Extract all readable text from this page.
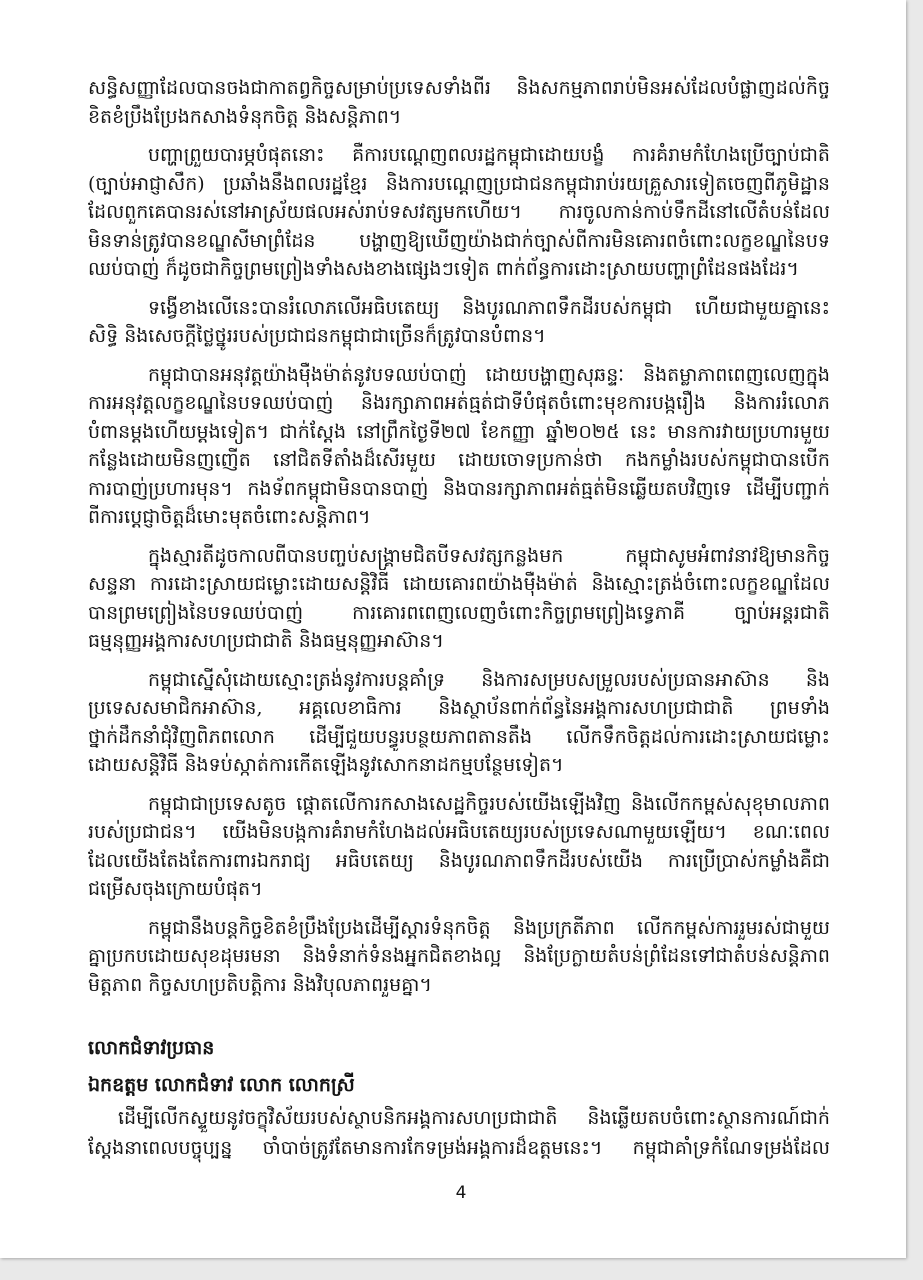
សន្ធិសញ្ញាដែលបានចងជាកាតព្វកិច្ចសម្រាប់ប្រទេសទាំងពីរ និងសកម្មភាពរាប់មិនអស់ដែលបំផ្លាញដល់កិច្ច
ខិតខំប្រឹងប្រែងកសាងទំនុកចិត្ត និងសន្តិភាព។
បញ្ហាព្រួយបារម្ភបំផុតនោះ គឺការបណ្តេញពលរដ្ឋកម្ពុជាដោយបង្ខំ ការគំរាមកំហែងប្រើច្បាប់ជាតិ
(ច្បាប់អាជ្ញាសឹក) ប្រឆាំងនឹងពលរដ្ឋខ្មែរ និងការបណ្តេញប្រជាជនកម្ពុជារាប់រយគ្រួសារទៀតចេញពីភូមិដ្ឋាន
ដែលពួកគេបានរស់នៅអាស្រ័យផលអស់រាប់ទសវត្សមកហើយ។ ការចូលកាន់កាប់ទឹកដីនៅលើតំបន់ដែល
មិនទាន់ត្រូវបានខណ្ឌសីមាព្រំដែន បង្ហាញឱ្យឃើញយ៉ាងជាក់ច្បាស់ពីការមិនគោរពចំពោះលក្ខខណ្ឌនៃបទ
ឈប់បាញ់ ក៏ដូចជាកិច្ចព្រមព្រៀងទាំងសងខាងផ្សេងៗទៀត ពាក់ព័ន្ធការដោះស្រាយបញ្ហាព្រំដែនផងដែរ។
ទង្វើខាងលើនេះបានរំលោភលើអធិបតេយ្យ និងបូរណភាពទឹកដីរបស់កម្ពុជា ហើយជាមួយគ្នានេះ
សិទ្ធិ និងសេចក្តីថ្លៃថ្នូររបស់ប្រជាជនកម្ពុជាជាច្រើនក៏ត្រូវបានបំពាន។
កម្ពុជាបានអនុវត្តយ៉ាងម៉ឺងម៉ាត់នូវបទឈប់បាញ់ ដោយបង្ហាញសុឆន្ទៈ និងតម្លាភាពពេញលេញក្នុង
ការអនុវត្តលក្ខខណ្ឌនៃបទឈប់បាញ់ និងរក្សាភាពអត់ធ្មត់ជាទីបំផុតចំពោះមុខការបង្ករឿង និងការរំលោភ
បំពានម្តងហើយម្តងទៀត។ ជាក់ស្តែង នៅព្រឹកថ្ងៃទី២៧ ខែកញ្ញា ឆ្នាំ២០២៥ នេះ មានការវាយប្រហារមួយ
កន្លែងដោយមិនញញើត នៅជិតទីតាំងដ៏សើរមួយ ដោយចោទប្រកាន់ថា កងកម្លាំងរបស់កម្ពុជាបានបើក
ការបាញ់ប្រហារមុន។ កងទ័ពកម្ពុជាមិនបានបាញ់ និងបានរក្សាភាពអត់ធ្មត់មិនឆ្លើយតបវិញទេ ដើម្បីបញ្ជាក់
ពីការប្តេជ្ញាចិត្តដ៏មោះមុតចំពោះសន្តិភាព។
ក្នុងស្មារតីដូចកាលពីបានបញ្ចប់សង្គ្រាមជិតបីទសវត្សកន្លងមក កម្ពុជាសូមអំពាវនាវឱ្យមានកិច្ច
សន្ទនា ការដោះស្រាយជម្លោះដោយសន្តិវិធី ដោយគោរពយ៉ាងម៉ឺងម៉ាត់ និងស្មោះត្រង់ចំពោះលក្ខខណ្ឌដែល
បានព្រមព្រៀងនៃបទឈប់បាញ់ ការគោរពពេញលេញចំពោះកិច្ចព្រមព្រៀងទ្វេភាគី ច្បាប់អន្តរជាតិ
ធម្មនុញ្ញអង្គការសហប្រជាជាតិ និងធម្មនុញ្ញអាស៊ាន។
កម្ពុជាស្នើសុំដោយស្មោះត្រង់នូវការបន្តគាំទ្រ និងការសម្របសម្រួលរបស់ប្រធានអាស៊ាន និង
ប្រទេសសមាជិកអាស៊ាន, អគ្គលេខាធិការ និងស្ថាប័នពាក់ព័ន្ធនៃអង្គការសហប្រជាជាតិ ព្រមទាំង
ថ្នាក់ដឹកនាំជុំវិញពិភពលោក ដើម្បីជួយបន្ធូរបន្ថយភាពតានតឹង លើកទឹកចិត្តដល់ការដោះស្រាយជម្លោះ
ដោយសន្តិវិធី និងទប់ស្កាត់ការកើតឡើងនូវសោកនាដកម្មបន្ថែមទៀត។
កម្ពុជាជាប្រទេសតូច ផ្តោតលើការកសាងសេដ្ឋកិច្ចរបស់យើងឡើងវិញ និងលើកកម្ពស់សុខុមាលភាព
របស់ប្រជាជន។ យើងមិនបង្កការគំរាមកំហែងដល់អធិបតេយ្យរបស់ប្រទេសណាមួយឡើយ។ ខណៈពេល
ដែលយើងតែងតែការពារឯករាជ្យ អធិបតេយ្យ និងបូរណភាពទឹកដីរបស់យើង ការប្រើប្រាស់កម្លាំងគឺជា
ជម្រើសចុងក្រោយបំផុត។
កម្ពុជានឹងបន្តកិច្ចខិតខំប្រឹងប្រែងដើម្បីស្តារទំនុកចិត្ត និងប្រក្រតីភាព លើកកម្ពស់ការរួមរស់ជាមួយ
គ្នាប្រកបដោយសុខដុមរមនា និងទំនាក់ទំនងអ្នកជិតខាងល្អ និងប្រែក្លាយតំបន់ព្រំដែនទៅជាតំបន់សន្តិភាព
មិត្តភាព កិច្ចសហប្រតិបត្តិការ និងវិបុលភាពរួមគ្នា។
លោកជំទាវប្រធាន
ឯកឧត្តម លោកជំទាវ លោក លោកស្រី
ដើម្បីលើកស្ទួយនូវចក្ខុវិស័យរបស់ស្ថាបនិកអង្គការសហប្រជាជាតិ និងឆ្លើយតបចំពោះស្ថានការណ៍ជាក់
ស្តែងនាពេលបច្ចុប្បន្ន ចាំបាច់ត្រូវតែមានការកែទម្រង់អង្គការដ៏ឧត្តមនេះ។ កម្ពុជាគាំទ្រកំណែទម្រង់ដែល
4
